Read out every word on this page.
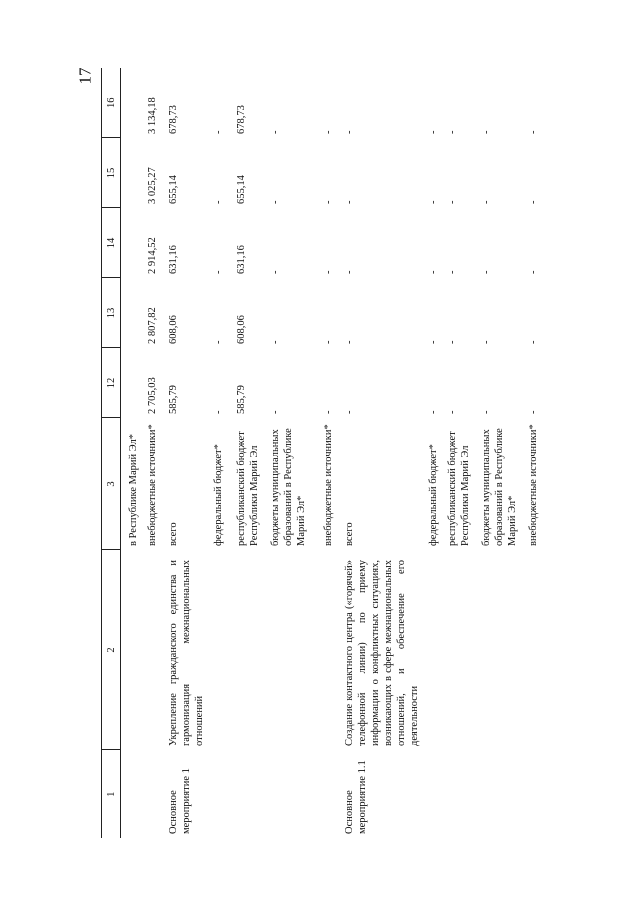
17
1	2	3	12	13	14	15	16
		в Республике Марий Эл*					
		внебюджетные источники*	2 705,03	2 807,82	2 914,52	3 025,27	3 134,18
Основное мероприятие 1	Укрепление гражданского единства и гармонизация межнациональных отношений	всего	585,79	608,06	631,16	655,14	678,73
		федеральный бюджет*	-	-	-	-	-
		республиканский бюджет Республики Марий Эл	585,79	608,06	631,16	655,14	678,73
		бюджеты муниципальных образований в Республике Марий Эл*	-	-	-	-	-
		внебюджетные источники*	-	-	-	-	-
Основное мероприятие 1.1	Создание контактного центра («горячей» телефонной линии) по приему информации о конфликтных ситуациях, возникающих в сфере межнациональных отношений, и обеспечение его деятельности	всего	-	-	-	-	-
		федеральный бюджет*	-	-	-	-	-
		республиканский бюджет Республики Марий Эл	-	-	-	-	-
		бюджеты муниципальных образований в Республике Марий Эл*	-	-	-	-	-
		внебюджетные источники*	-	-	-	-	-
